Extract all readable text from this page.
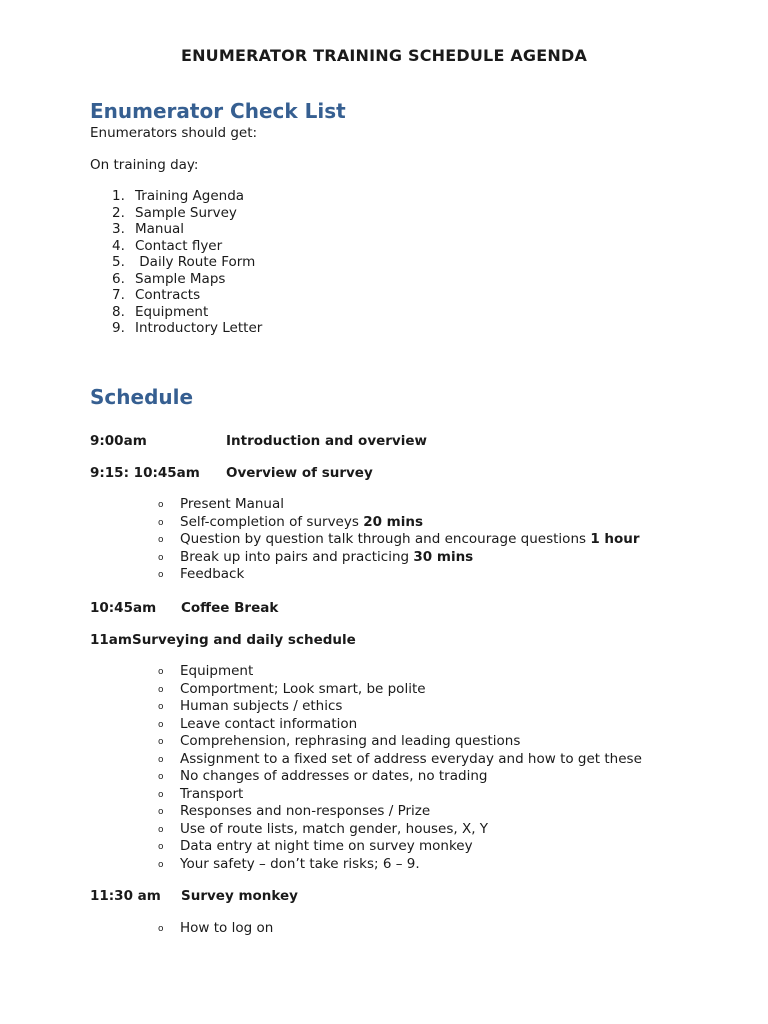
ENUMERATOR TRAINING SCHEDULE AGENDA
Enumerator Check List

Enumerators should get:

On training day:

1. Training Agenda
2. Sample Survey
3. Manual
4. Contact flyer
5. Daily Route Form
6. Sample Maps
7. Contracts
8. Equipment
9. Introductory Letter
Schedule

9:00am	Introduction and overview

9:15: 10:45am Overview of survey

o Present Manual
o Self-completion of surveys 20 mins
o Question by question talk through and encourage questions 1 hour
o Break up into pairs and practicing 30 mins
o Feedback

10:45am Coffee Break

11amSurveying and daily schedule

o Equipment
o Comportment; Look smart, be polite
o Human subjects / ethics
o Leave contact information
o Comprehension, rephrasing and leading questions
o Assignment to a fixed set of address everyday and how to get these
o No changes of addresses or dates, no trading
o Transport
o Responses and non-responses / Prize
o Use of route lists, match gender, houses, X, Y
o Data entry at night time on survey monkey
o Your safety – don’t take risks; 6 – 9.

11:30 am Survey monkey

o How to log on
